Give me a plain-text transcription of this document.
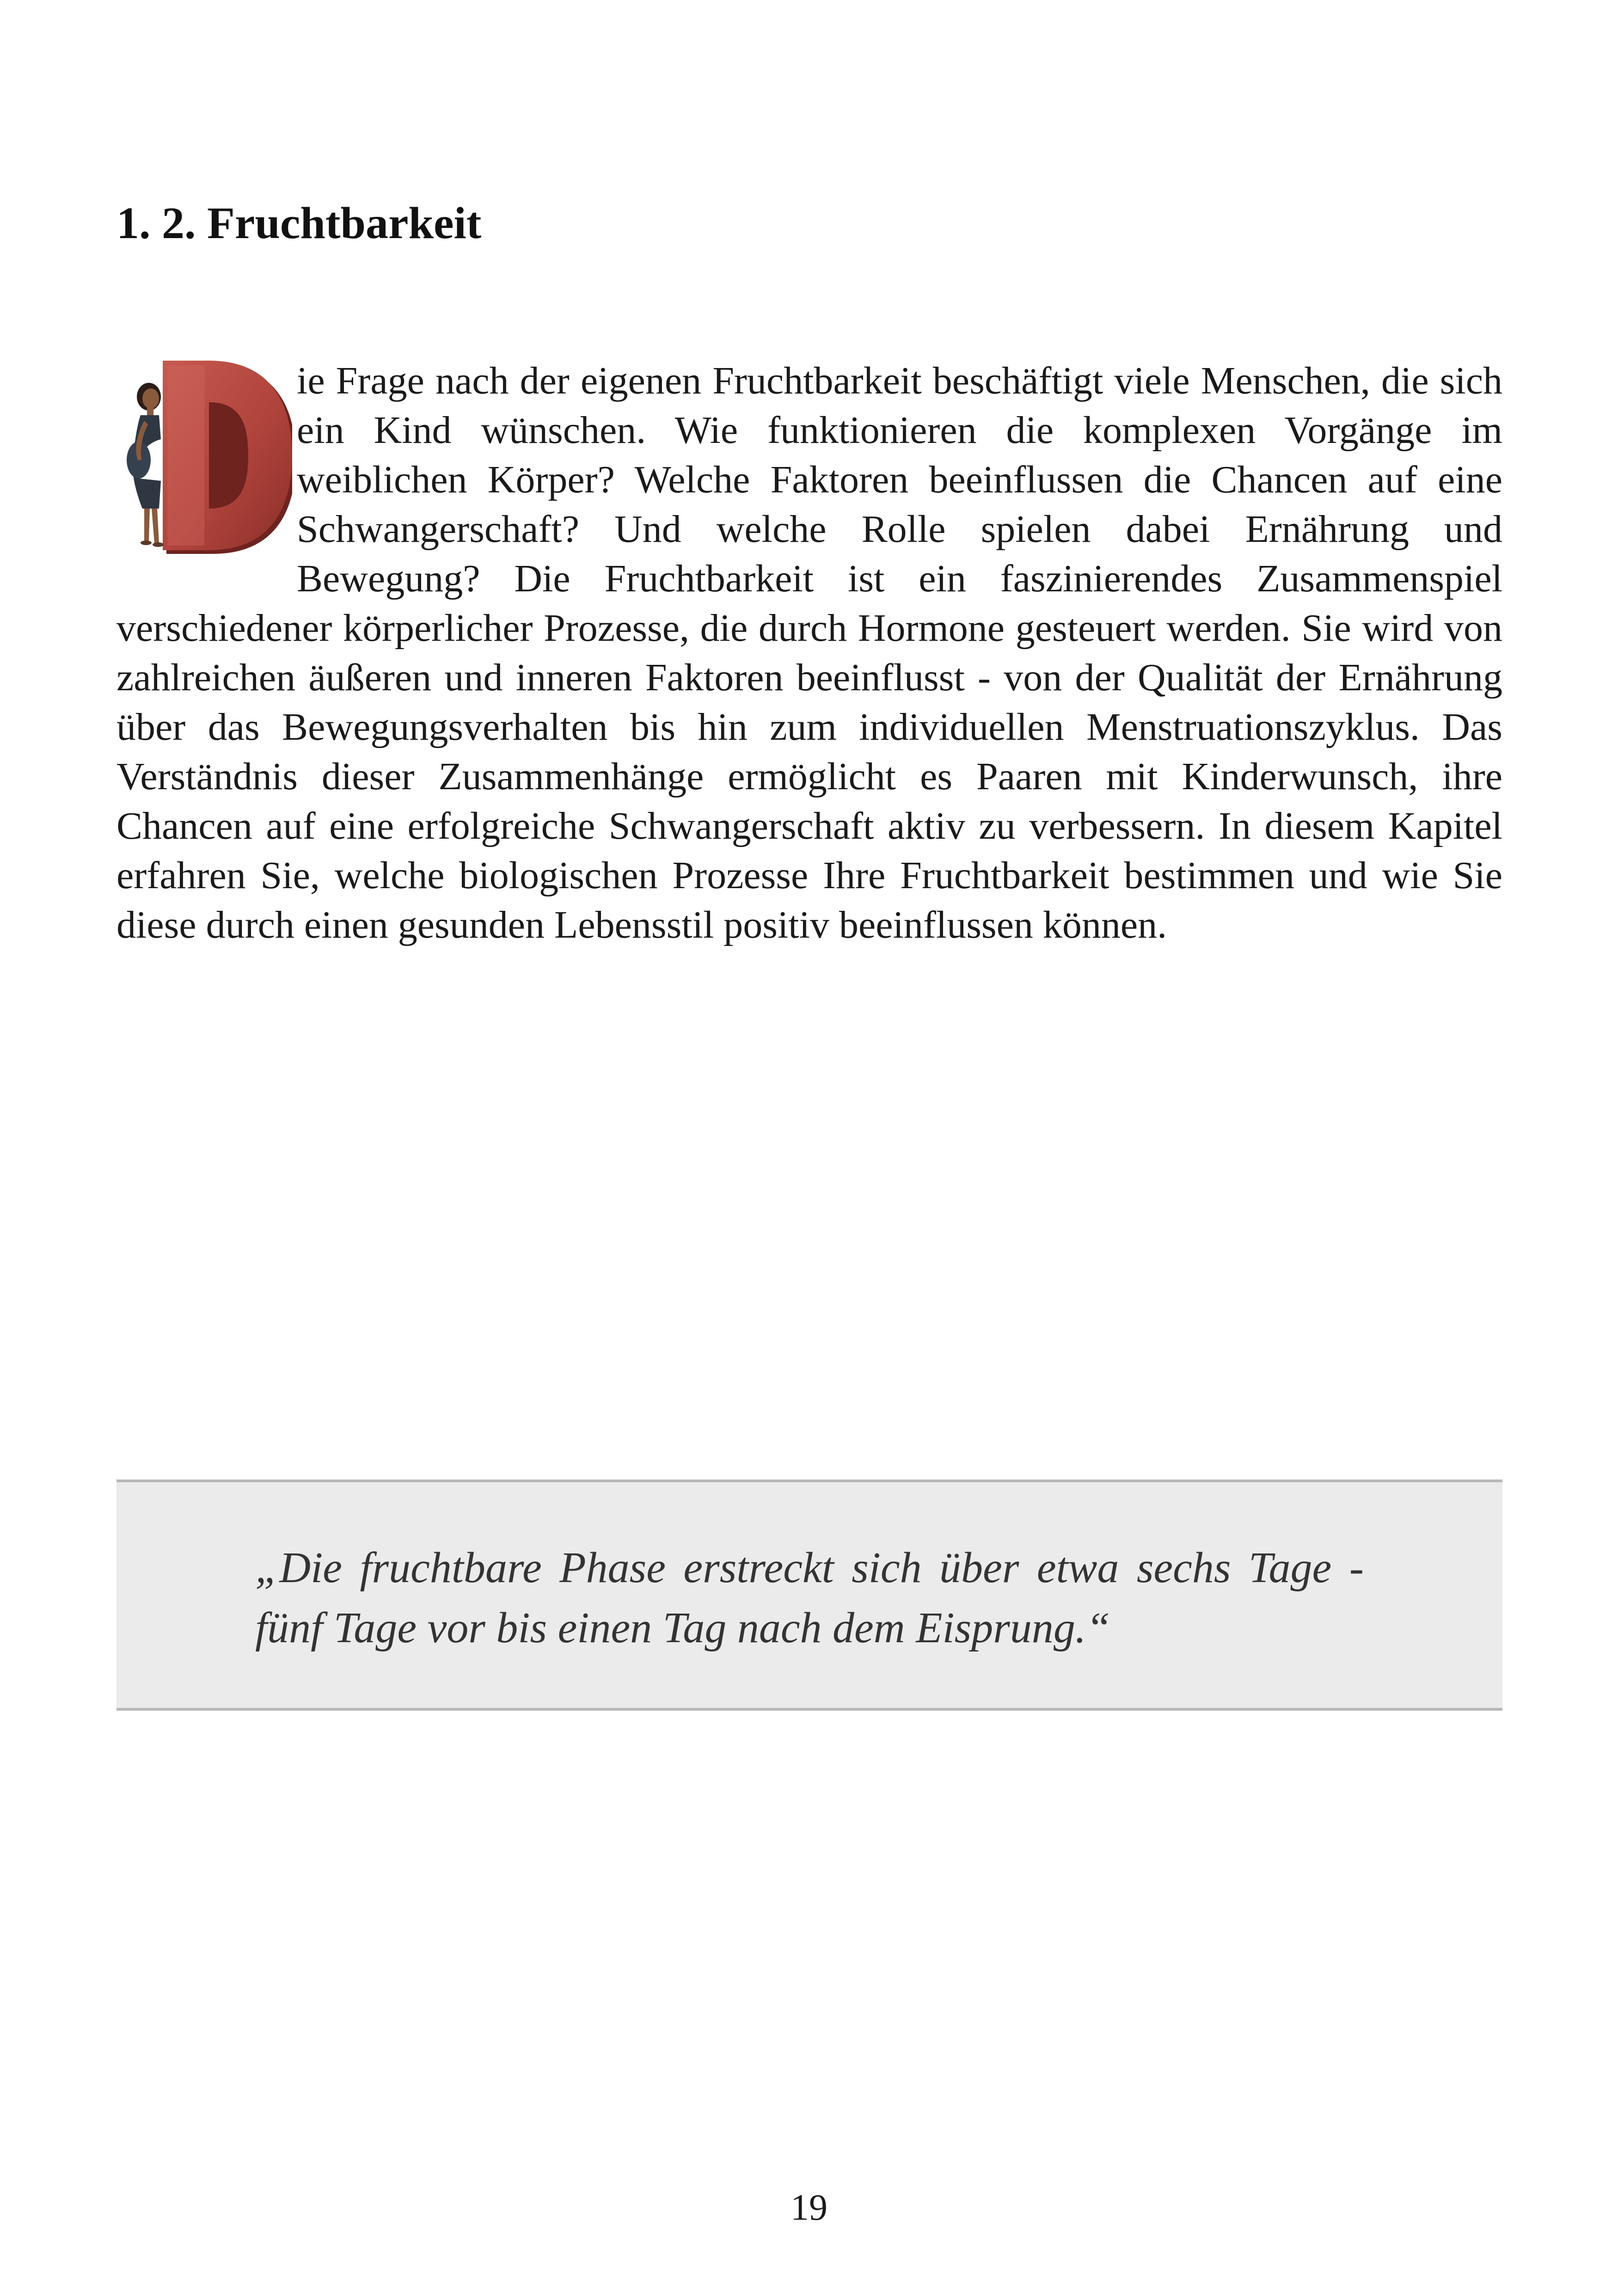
1. 2. Fruchtbarkeit
ie Frage nach der eigenen Fruchtbarkeit beschäftigt viele Menschen, die sich ein Kind wünschen. Wie funktionieren die komplexen Vorgänge im weiblichen Körper? Welche Faktoren beeinflussen die Chancen auf eine Schwangerschaft? Und welche Rolle spielen dabei Ernährung und Bewegung? Die Fruchtbarkeit ist ein faszinierendes Zusammenspiel verschiedener körperlicher Prozesse, die durch Hormone gesteuert werden. Sie wird von zahlreichen äußeren und inneren Faktoren beeinflusst - von der Qualität der Ernährung über das Bewegungsverhalten bis hin zum individuellen Menstruationszyklus. Das Verständnis dieser Zusammenhänge ermöglicht es Paaren mit Kinderwunsch, ihre Chancen auf eine erfolgreiche Schwangerschaft aktiv zu verbessern. In diesem Kapitel erfahren Sie, welche biologischen Prozesse Ihre Fruchtbarkeit bestimmen und wie Sie diese durch einen gesunden Lebensstil positiv beeinflussen können.

„Die fruchtbare Phase erstreckt sich über etwa sechs Tage - fünf Tage vor bis einen Tag nach dem Eisprung.“

19
